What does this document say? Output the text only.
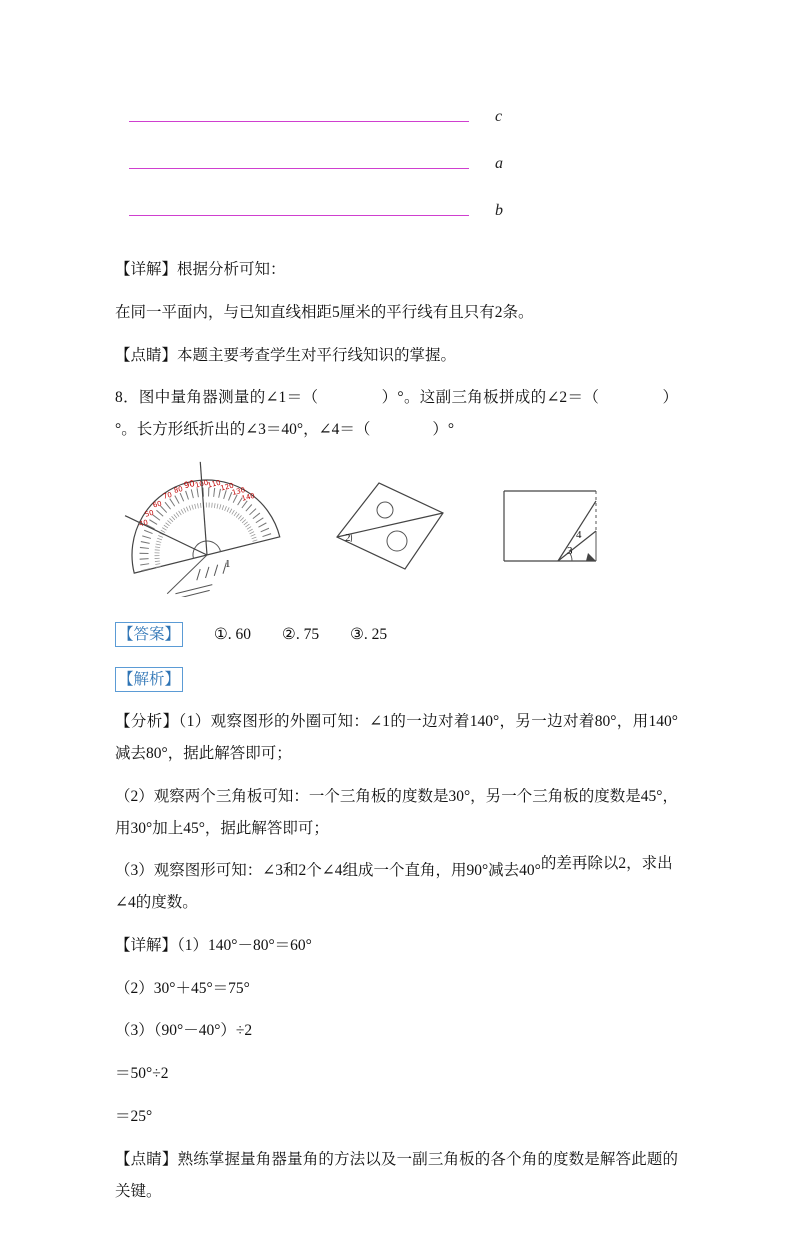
c
a
b

【详解】根据分析可知：

在同一平面内，与已知直线相距5厘米的平行线有且只有2条。

【点睛】本题主要考查学生对平行线知识的掌握。

8．图中量角器测量的∠1＝（　　　　）°。这副三角板拼成的∠2＝（　　　　）°。长方形纸折出的∠3＝40°，∠4＝（　　　　）°

40
50
60
70
80 90
100
110
120
130
140
1
2	4
3

【答案】 ①. 60 ②. 75 ③. 25

【解析】

【分析】（1）观察图形的外圈可知：∠1的一边对着140°，另一边对着80°，用140°减去80°，据此解答即可；

（2）观察两个三角板可知：一个三角板的度数是30°，另一个三角板的度数是45°，用30°加上45°，据此解答即可；

（3）观察图形可知：∠3和2个∠4组成一个直角，用90°减去40°的差再除以2，求出
∠4的度数。

【详解】（1）140°－80°＝60°

（2）30°＋45°＝75°

（3）（90°－40°）÷2

＝50°÷2

＝25°

【点睛】熟练掌握量角器量角的方法以及一副三角板的各个角的度数是解答此题的关键。
